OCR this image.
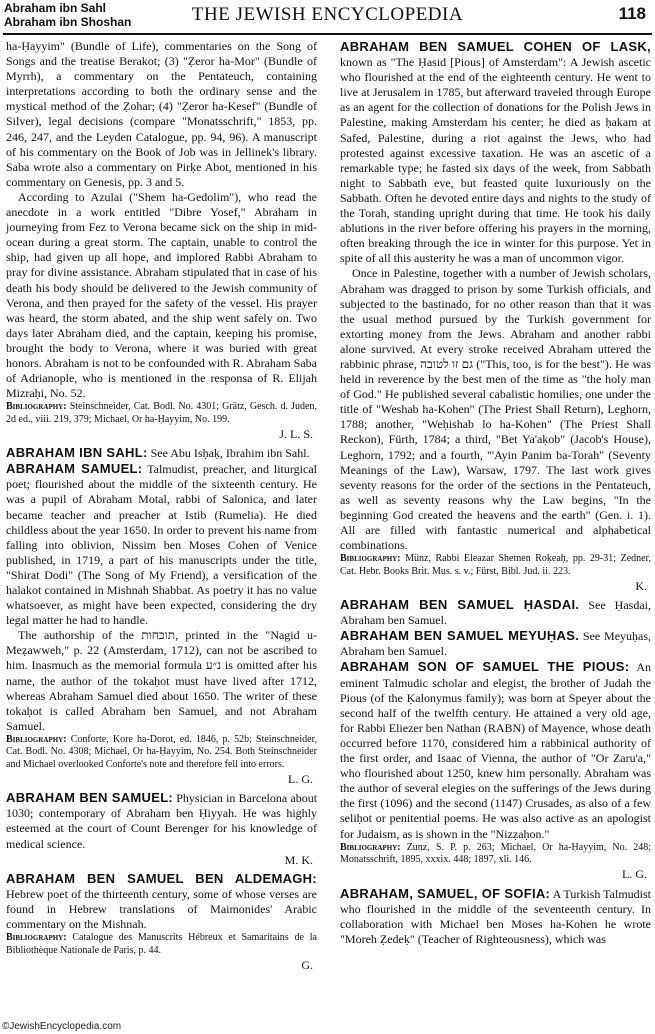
Abraham ibn Sahl
Abraham ibn Shoshan	THE JEWISH ENCYCLOPEDIA	118

ha-Ḥayyim" (Bundle of Life), commentaries on the Song of Songs and the treatise Berakot; (3) "Ẓeror ha-Mor" (Bundle of Myrrh), a commentary on the Pentateuch, containing interpretations according to both the ordinary sense and the mystical method of the Ẓohar; (4) "Ẓeror ha-Kesef" (Bundle of Silver), legal decisions (compare "Monatsschrift," 1853, pp. 246, 247, and the Leyden Catalogue, pp. 94, 96). A manuscript of his commentary on the Book of Job was in Jellinek's library. Saba wrote also a commentary on Pirḳe Abot, mentioned in his commentary on Genesis, pp. 3 and 5.

According to Azulai ("Shem ha-Gedolim"), who read the anecdote in a work entitled "Dibre Yosef," Abraham in journeying from Fez to Verona became sick on the ship in mid-ocean during a great storm. The captain, unable to control the ship, had given up all hope, and implored Rabbi Abraham to pray for divine assistance. Abraham stipulated that in case of his death his body should be delivered to the Jewish community of Verona, and then prayed for the safety of the vessel. His prayer was heard, the storm abated, and the ship went safely on. Two days later Abraham died, and the captain, keeping his promise, brought the body to Verona, where it was buried with great honors. Abraham is not to be confounded with R. Abraham Saba of Adrianople, who is mentioned in the responsa of R. Elijah Mizraḥi, No. 52.

Bibliography: Steinschneider, Cat. Bodl. No. 4301; Grätz, Gesch. d. Juden, 2d ed., viii. 219, 379; Michael, Or ha-Ḥayyim, No. 199.

J. L. S.

ABRAHAM IBN SAHL: See Abu Isḥaḳ, Ibrahim ibn Sahl.

ABRAHAM SAMUEL: Talmudist, preacher, and liturgical poet; flourished about the middle of the sixteenth century. He was a pupil of Abraham Motal, rabbi of Salonica, and later became teacher and preacher at Istib (Rumelia). He died childless about the year 1650. In order to prevent his name from falling into oblivion, Nissim ben Moses Cohen of Venice published, in 1719, a part of his manuscripts under the title, "Shirat Dodi" (The Song of My Friend), a versification of the halakot contained in Mishnah Shabbat. As poetry it has no value whatsoever, as might have been expected, considering the dry legal matter he had to handle.

The authorship of the תוכחות, printed in the "Nagid u-Meẓawweh," p. 22 (Amsterdam, 1712), can not be ascribed to him. Inasmuch as the memorial formula נ״ע is omitted after his name, the author of the tokaḥot must have lived after 1712, whereas Abraham Samuel died about 1650. The writer of these tokaḥot is called Abraham ben Samuel, and not Abraham Samuel.

Bibliography: Conforte, Kore ha-Dorot, ed. 1846, p. 52b; Steinschneider, Cat. Bodl. No. 4308; Michael, Or ha-Ḥayyim, No. 254. Both Steinschneider and Michael overlooked Conforte's note and therefore fell into errors.

L. G.

ABRAHAM BEN SAMUEL: Physician in Barcelona about 1030; contemporary of Abraham ben Ḥiyyah. He was highly esteemed at the court of Count Berenger for his knowledge of medical science.

M. K.

ABRAHAM BEN SAMUEL BEN ALDEMAGH: Hebrew poet of the thirteenth century, some of whose verses are found in Hebrew translations of Maimonides' Arabic commentary on the Mishnah.

Bibliography: Catalogue des Manuscrits Hébreux et Samaritains de la Bibliothèque Nationale de Paris, p. 44.

G.

ABRAHAM BEN SAMUEL COHEN OF LASK, known as "The Ḥasid [Pious] of Amsterdam": A Jewish ascetic who flourished at the end of the eighteenth century. He went to live at Jerusalem in 1785, but afterward traveled through Europe as an agent for the collection of donations for the Polish Jews in Palestine, making Amsterdam his center; he died as ḥakam at Safed, Palestine, during a riot against the Jews, who had protested against excessive taxation. He was an ascetic of a remarkable type; he fasted six days of the week, from Sabbath night to Sabbath eve, but feasted quite luxuriously on the Sabbath. Often he devoted entire days and nights to the study of the Torah, standing upright during that time. He took his daily ablutions in the river before offering his prayers in the morning, often breaking through the ice in winter for this purpose. Yet in spite of all this austerity he was a man of uncommon vigor.

Once in Palestine, together with a number of Jewish scholars, Abraham was dragged to prison by some Turkish officials, and subjected to the bastinado, for no other reason than that it was the usual method pursued by the Turkish government for extorting money from the Jews. Abraham and another rabbi alone survived. At every stroke received Abraham uttered the rabbinic phrase, גם זו לטובה ("This, too, is for the best"). He was held in reverence by the best men of the time as "the holy man of God." He published several cabalistic homilies, one under the title of "Weshab ha-Kohen" (The Priest Shall Return), Leghorn, 1788; another, "Weḥishab lo ha-Kohen" (The Priest Shall Reckon), Fürth, 1784; a third, "Bet Ya'aḳob" (Jacob's House), Leghorn, 1792; and a fourth, "'Ayin Panim ba-Torah" (Seventy Meanings of the Law), Warsaw, 1797. The last work gives seventy reasons for the order of the sections in the Pentateuch, as well as seventy reasons why the Law begins, "In the beginning God created the heavens and the earth" (Gen. i. 1). All are filled with fantastic numerical and alphabetical combinations.

Bibliography: Münz, Rabbi Eleazar Shemen Roḳeaḥ, pp. 29-31; Zedner, Cat. Hebr. Books Brit. Mus. s. v.; Fürst, Bibl. Jud. ii. 223.

K.

ABRAHAM BEN SAMUEL ḤASDAI. See Ḥasdai, Abraham ben Samuel.

ABRAHAM BEN SAMUEL MEYUḤAS. See Meyuḥas, Abraham ben Samuel.

ABRAHAM SON OF SAMUEL THE PIOUS: An eminent Talmudic scholar and elegist, the brother of Judah the Pious (of the Ḳalonymus family); was born at Speyer about the second half of the twelfth century. He attained a very old age, for Rabbi Eliezer ben Nathan (RABN) of Mayence, whose death occurred before 1170, considered him a rabbinical authority of the first order, and Isaac of Vienna, the author of "Or Zaru'a," who flourished about 1250, knew him personally. Abraham was the author of several elegies on the sufferings of the Jews during the first (1096) and the second (1147) Crusades, as also of a few seliḥot or penitential poems. He was also active as an apologist for Judaism, as is shown in the "Nizẓaḥon."

Bibliography: Zunz, S. P. p. 263; Michael, Or ha-Ḥayyim, No. 248; Monatsschrift, 1895, xxxix. 448; 1897, xli. 146.

L. G.

ABRAHAM, SAMUEL, OF SOFIA: A Turkish Talmudist who flourished in the middle of the seventeenth century. In collaboration with Michael ben Moses ha-Kohen he wrote "Moreh Ẓedeḳ" (Teacher of Righteousness), which was

©JewishEncyclopedia.com
